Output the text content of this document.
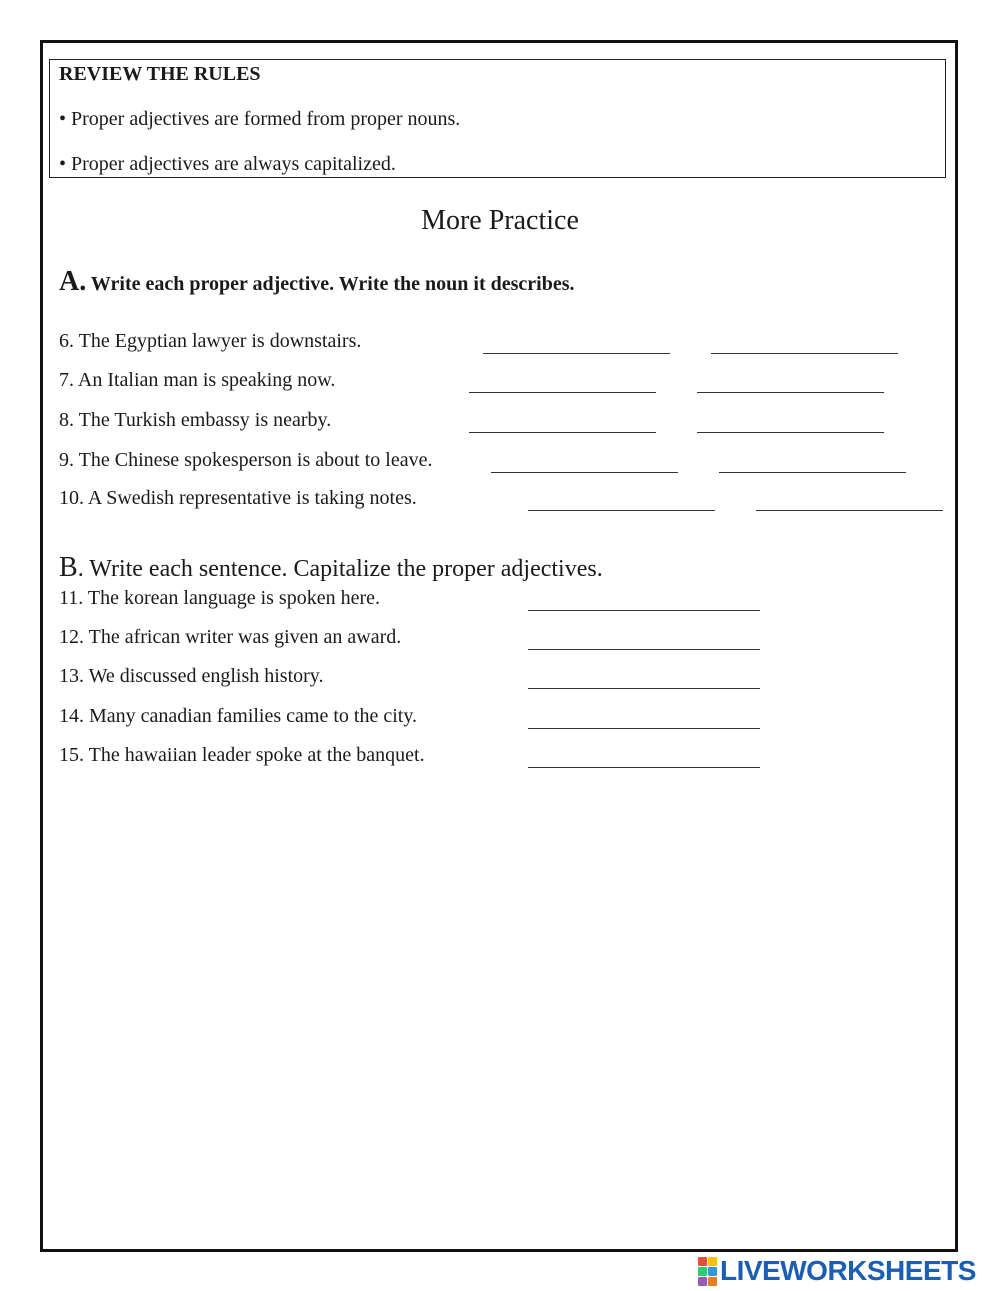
REVIEW THE RULES
• Proper adjectives are formed from proper nouns.
• Proper adjectives are always capitalized.
More Practice
A. Write each proper adjective. Write the noun it describes.
6. The Egyptian lawyer is downstairs.
7. An Italian man is speaking now.
8. The Turkish embassy is nearby.
9. The Chinese spokesperson is about to leave.
10. A Swedish representative is taking notes.
B. Write each sentence. Capitalize the proper adjectives.
11. The korean language is spoken here.
12. The african writer was given an award.
13. We discussed english history.
14. Many canadian families came to the city.
15. The hawaiian leader spoke at the banquet.
LIVEWORKSHEETS
